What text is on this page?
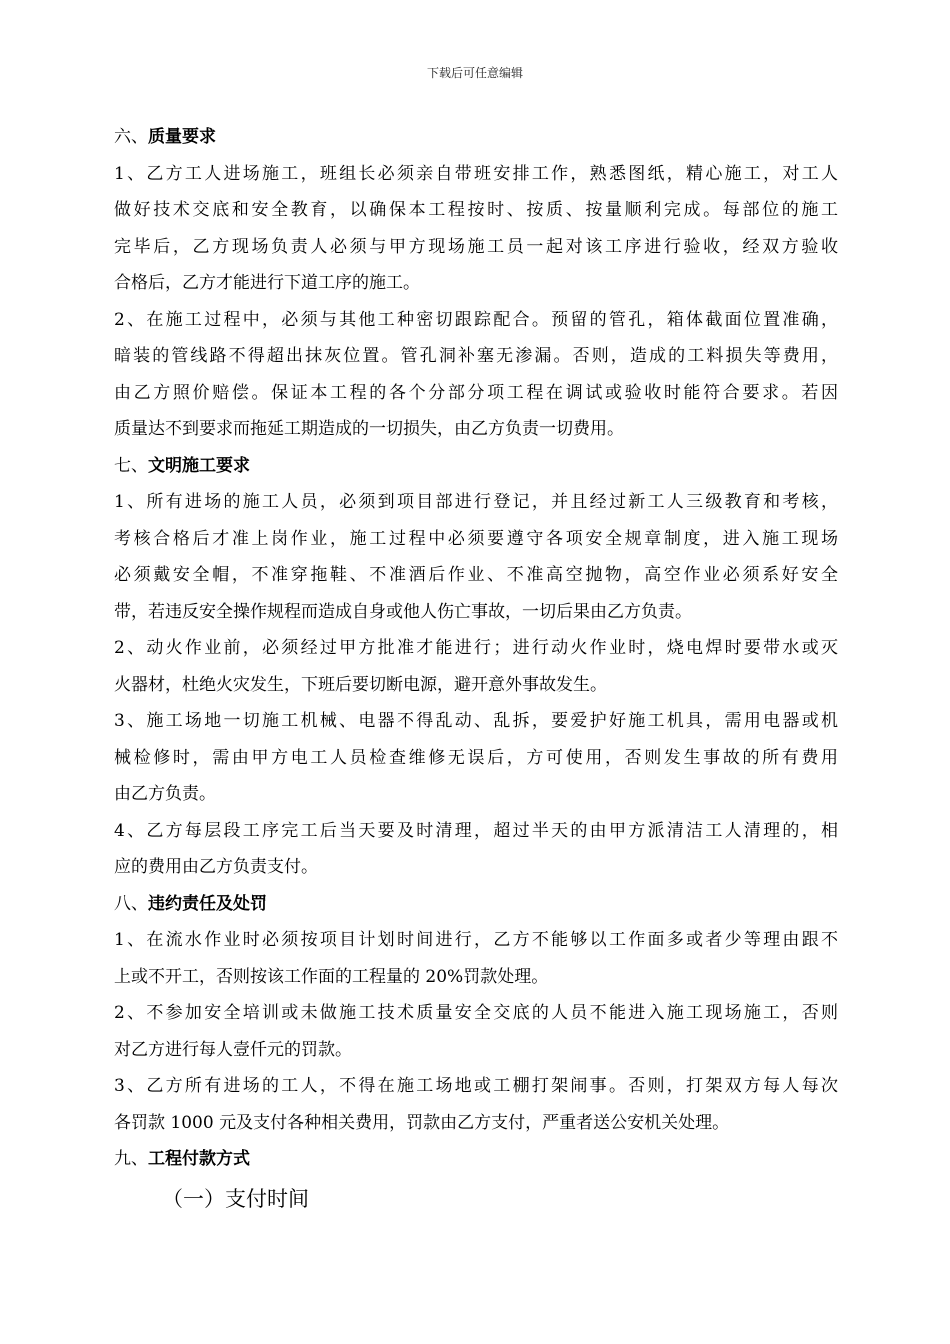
下载后可任意编辑
六、质量要求
1、乙方工人进场施工，班组长必须亲自带班安排工作，熟悉图纸，精心施工，对工人
做好技术交底和安全教育，以确保本工程按时、按质、按量顺利完成。每部位的施工
完毕后，乙方现场负责人必须与甲方现场施工员一起对该工序进行验收，经双方验收
合格后，乙方才能进行下道工序的施工。
2、在施工过程中，必须与其他工种密切跟踪配合。预留的管孔，箱体截面位置准确，
暗装的管线路不得超出抹灰位置。管孔洞补塞无渗漏。否则，造成的工料损失等费用，
由乙方照价赔偿。保证本工程的各个分部分项工程在调试或验收时能符合要求。若因
质量达不到要求而拖延工期造成的一切损失，由乙方负责一切费用。
七、文明施工要求
1、所有进场的施工人员，必须到项目部进行登记，并且经过新工人三级教育和考核，
考核合格后才准上岗作业，施工过程中必须要遵守各项安全规章制度，进入施工现场
必须戴安全帽，不准穿拖鞋、不准酒后作业、不准高空抛物，高空作业必须系好安全
带，若违反安全操作规程而造成自身或他人伤亡事故，一切后果由乙方负责。
2、动火作业前，必须经过甲方批准才能进行；进行动火作业时，烧电焊时要带水或灭
火器材，杜绝火灾发生，下班后要切断电源，避开意外事故发生。
3、施工场地一切施工机械、电器不得乱动、乱拆，要爱护好施工机具，需用电器或机
械检修时，需由甲方电工人员检查维修无误后，方可使用，否则发生事故的所有费用
由乙方负责。
4、乙方每层段工序完工后当天要及时清理，超过半天的由甲方派清洁工人清理的，相
应的费用由乙方负责支付。
八、违约责任及处罚
1、在流水作业时必须按项目计划时间进行，乙方不能够以工作面多或者少等理由跟不
上或不开工，否则按该工作面的工程量的 20%罚款处理。
2、不参加安全培训或未做施工技术质量安全交底的人员不能进入施工现场施工，否则
对乙方进行每人壹仟元的罚款。
3、乙方所有进场的工人，不得在施工场地或工棚打架闹事。否则，打架双方每人每次
各罚款 1000 元及支付各种相关费用，罚款由乙方支付，严重者送公安机关处理。
九、工程付款方式
（一）支付时间
